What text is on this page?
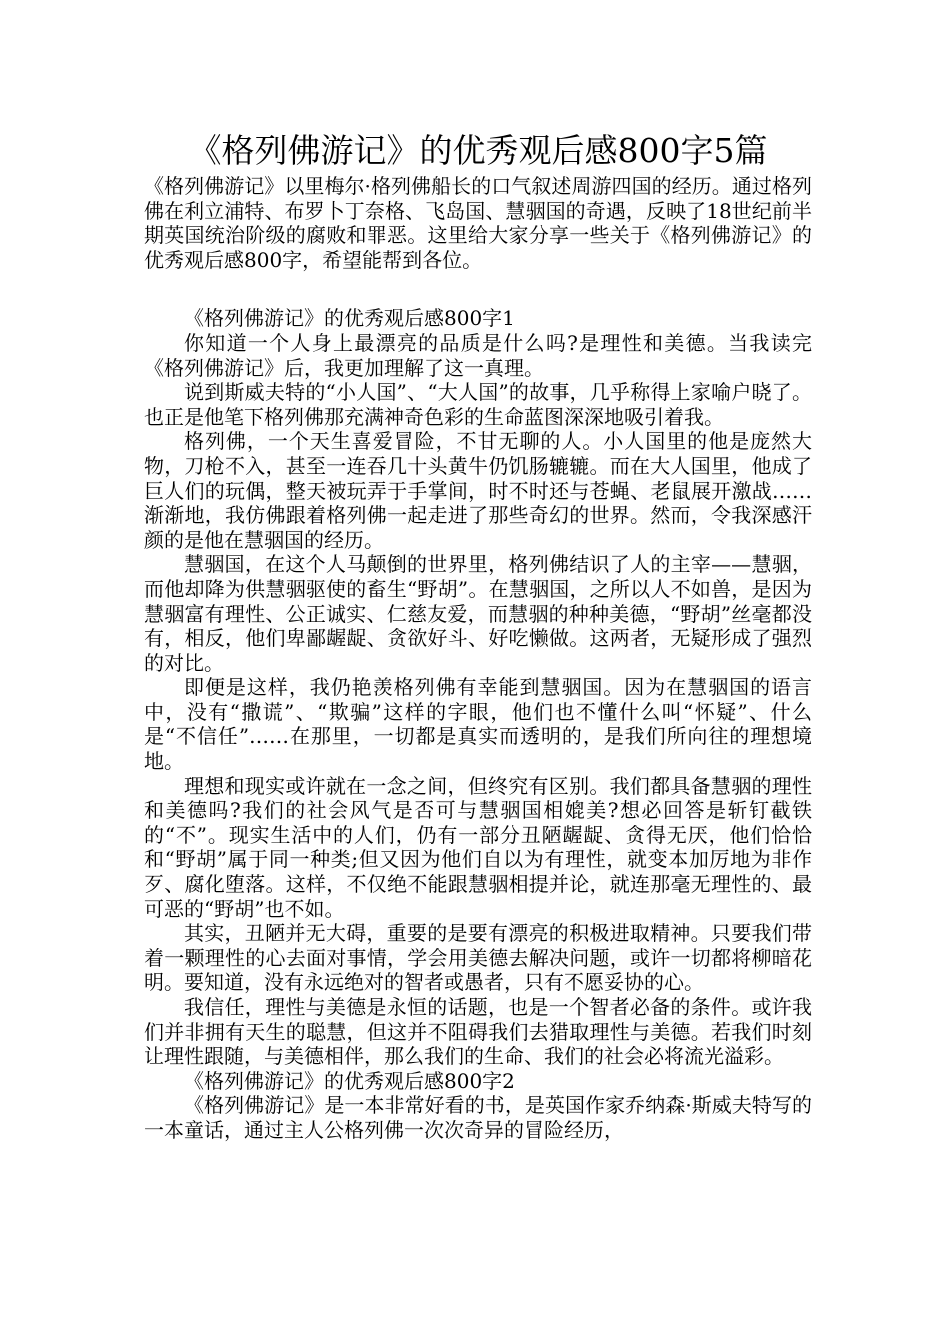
《格列佛游记》的优秀观后感800字5篇

《格列佛游记》以里梅尔·格列佛船长的口气叙述周游四国的经历。通过格列佛在利立浦特、布罗卜丁奈格、飞岛国、慧骃国的奇遇，反映了18世纪前半期英国统治阶级的腐败和罪恶。这里给大家分享一些关于《格列佛游记》的优秀观后感800字，希望能帮到各位。

《格列佛游记》的优秀观后感800字1

你知道一个人身上最漂亮的品质是什么吗?是理性和美德。当我读完《格列佛游记》后，我更加理解了这一真理。

说到斯威夫特的“小人国”、“大人国”的故事，几乎称得上家喻户晓了。也正是他笔下格列佛那充满神奇色彩的生命蓝图深深地吸引着我。

格列佛，一个天生喜爱冒险，不甘无聊的人。小人国里的他是庞然大物，刀枪不入，甚至一连吞几十头黄牛仍饥肠辘辘。而在大人国里，他成了巨人们的玩偶，整天被玩弄于手掌间，时不时还与苍蝇、老鼠展开激战……渐渐地，我仿佛跟着格列佛一起走进了那些奇幻的世界。然而，令我深感汗颜的是他在慧骃国的经历。

慧骃国，在这个人马颠倒的世界里，格列佛结识了人的主宰——慧骃，而他却降为供慧骃驱使的畜生“野胡”。在慧骃国，之所以人不如兽，是因为慧骃富有理性、公正诚实、仁慈友爱，而慧骃的种种美德，“野胡”丝毫都没有，相反，他们卑鄙龌龊、贪欲好斗、好吃懒做。这两者，无疑形成了强烈的对比。

即便是这样，我仍艳羡格列佛有幸能到慧骃国。因为在慧骃国的语言中，没有“撒谎”、“欺骗”这样的字眼，他们也不懂什么叫“怀疑”、什么是“不信任”……在那里，一切都是真实而透明的，是我们所向往的理想境地。

理想和现实或许就在一念之间，但终究有区别。我们都具备慧骃的理性和美德吗?我们的社会风气是否可与慧骃国相媲美?想必回答是斩钉截铁的“不”。现实生活中的人们，仍有一部分丑陋龌龊、贪得无厌，他们恰恰和“野胡”属于同一种类;但又因为他们自以为有理性，就变本加厉地为非作歹、腐化堕落。这样，不仅绝不能跟慧骃相提并论，就连那毫无理性的、最可恶的“野胡”也不如。

其实，丑陋并无大碍，重要的是要有漂亮的积极进取精神。只要我们带着一颗理性的心去面对事情，学会用美德去解决问题，或许一切都将柳暗花明。要知道，没有永远绝对的智者或愚者，只有不愿妥协的心。

我信任，理性与美德是永恒的话题，也是一个智者必备的条件。或许我们并非拥有天生的聪慧，但这并不阻碍我们去猎取理性与美德。若我们时刻让理性跟随，与美德相伴，那么我们的生命、我们的社会必将流光溢彩。

《格列佛游记》的优秀观后感800字2

《格列佛游记》是一本非常好看的书，是英国作家乔纳森·斯威夫特写的一本童话，通过主人公格列佛一次次奇异的冒险经历，
